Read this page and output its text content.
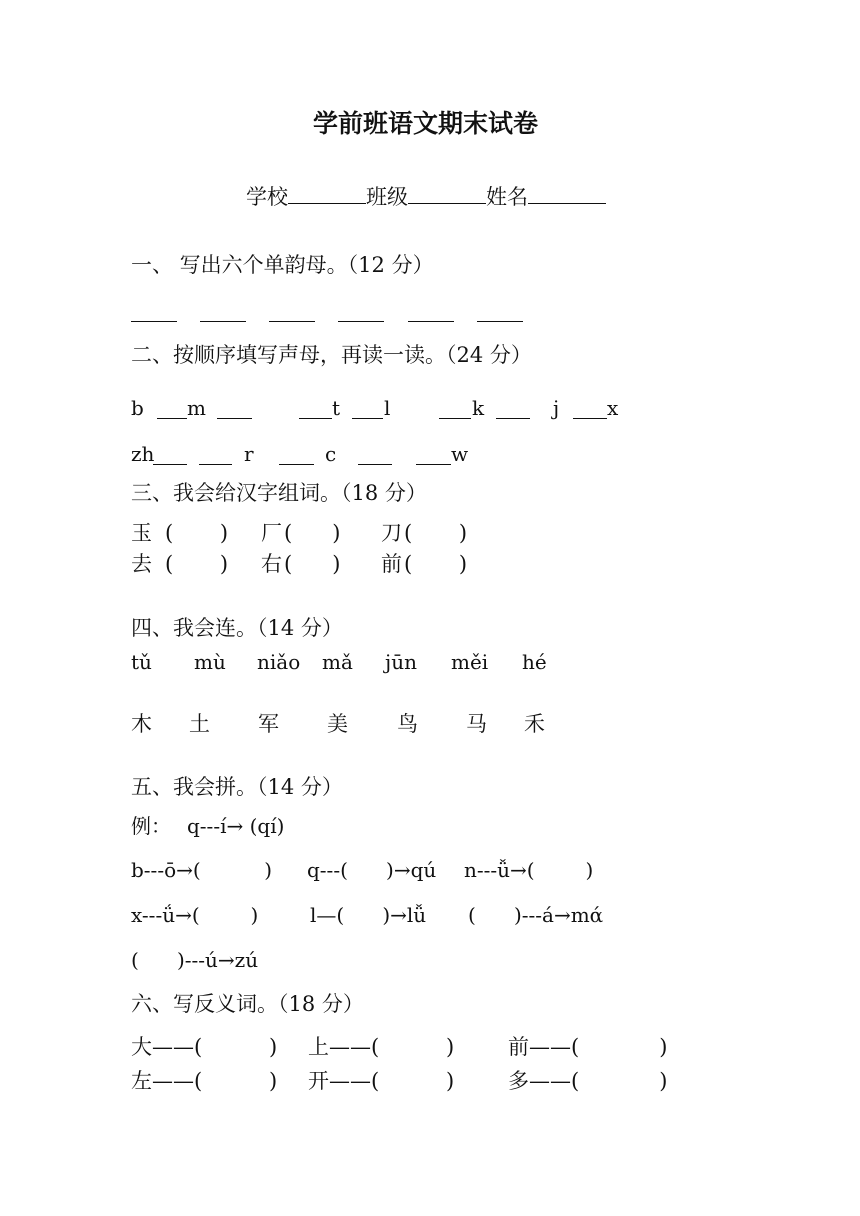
学前班语文期末试卷
学校	班级	姓名
一、 写出六个单韵母。（12 分）
二、按顺序填写声母，再读一读。（24 分）
b m	t l	k	j x
zh	r	c	w
三、我会给汉字组词。（18 分）
玉 (       ) 厂 (      ) 刀 (       )
去 (       ) 右 (      ) 前 (       )
四、我会连。（14 分）
tǔ mù niǎo mǎ jūn měi hé
木 土 军 美 鸟 马 禾
五、我会拼。（14 分）
例： q---í→ (qí)
b---ō→(          ) q---(      )→qú n---ǚ→(        )
x---ǘ→(        )	l—(      )→lǚ (      )---á→mά
(      )---ú→zú
六、写反义词。（18 分）
大——(          ) 上——(          )	前——(            )
左——(          ) 开——(          )	多——(            )
